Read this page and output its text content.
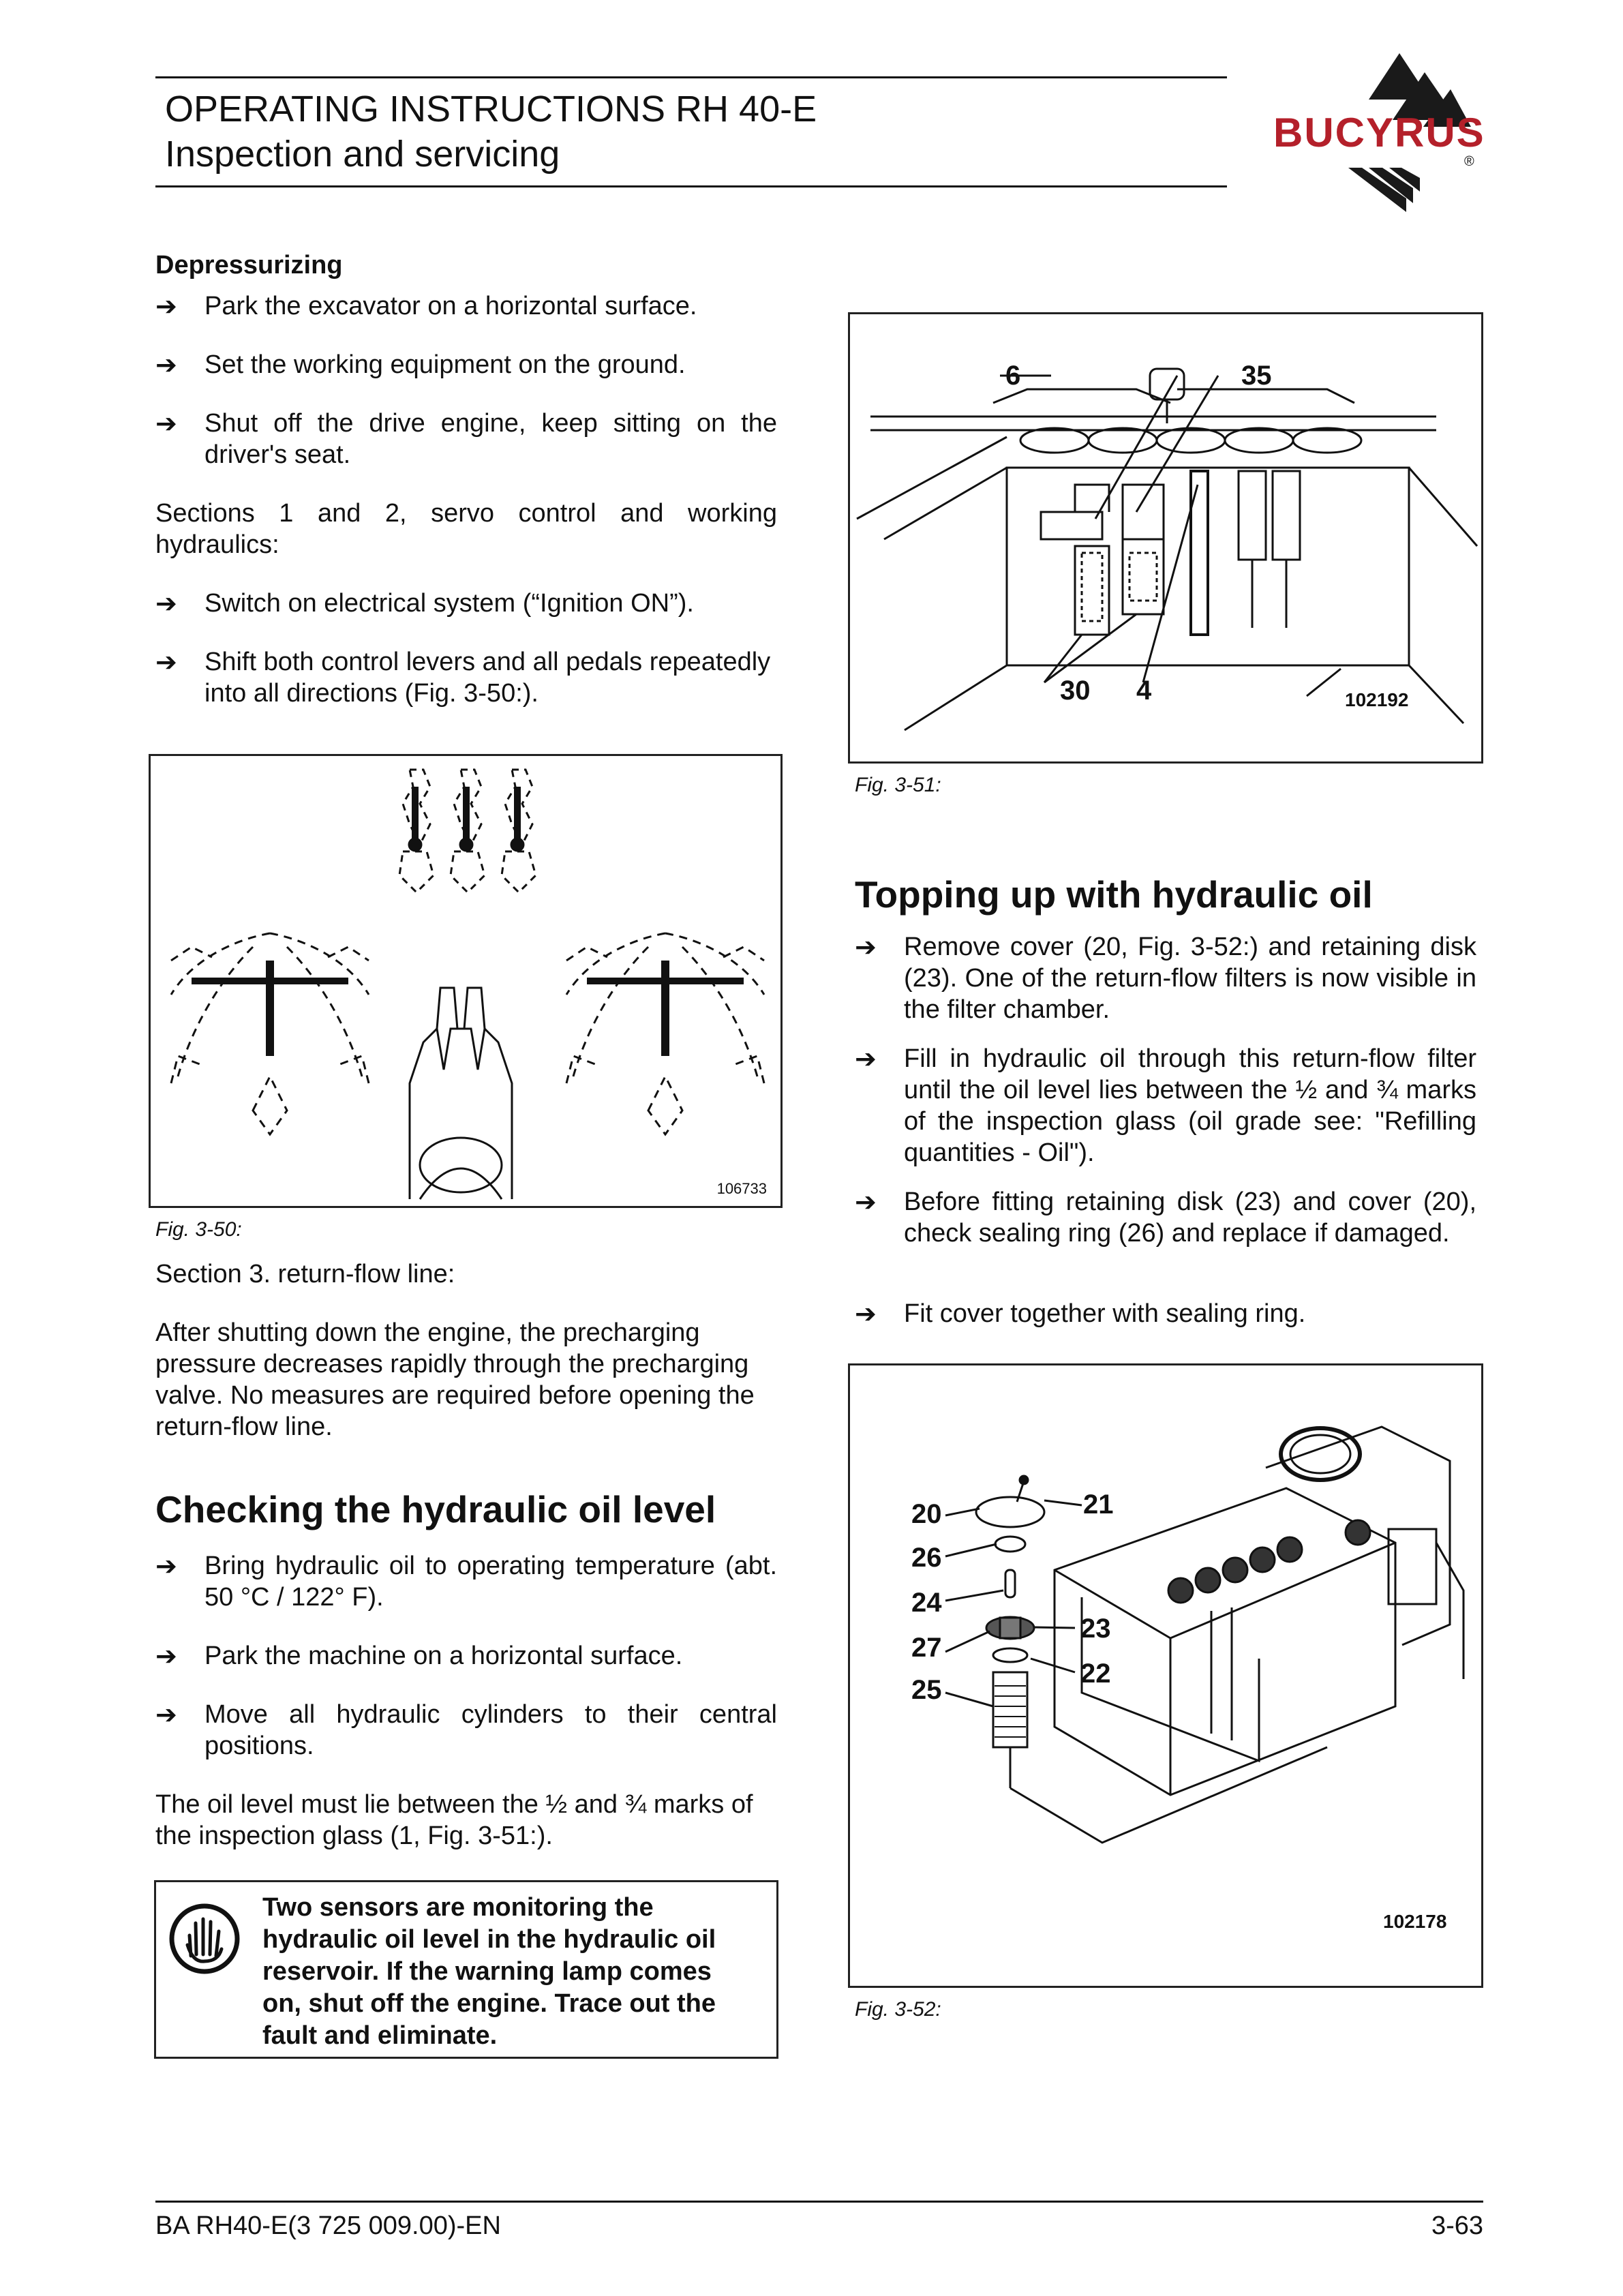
OPERATING INSTRUCTIONS RH 40-E
Inspection and servicing	BUCYRUS
®
Depressurizing
➔	Park the excavator on a horizontal surface.
➔	Set the working equipment on the ground.
➔	Shut off the drive engine, keep sitting on the driver's seat.
Sections 1 and 2, servo control and working hydraulics:
➔	Switch on electrical system (“Ignition ON”).
➔	Shift both control levers and all pedals repeatedly into all directions (Fig. 3-50:).
106733
Fig. 3-50:
Section 3. return-flow line:
After shutting down the engine, the precharging pressure decreases rapidly through the precharging valve. No measures are required before opening the return-flow line.
Checking the hydraulic oil level
➔	Bring hydraulic oil to operating temperature (abt. 50 °C / 122° F).
➔	Park the machine on a horizontal surface.
➔	Move all hydraulic cylinders to their central positions.
The oil level must lie between the ½ and ¾ marks of the inspection glass (1, Fig. 3-51:).
Two sensors are monitoring the hydraulic oil level in the hydraulic oil reservoir. If the warning lamp comes on, shut off the engine. Trace out the fault and eliminate.
6	35
30 4	102192
Fig. 3-51:
Topping up with hydraulic oil
➔	Remove cover (20, Fig. 3-52:) and retaining disk (23). One of the return-flow filters is now visible in the filter chamber.
➔	Fill in hydraulic oil through this return-flow filter until the oil level lies between the ½ and ¾ marks of the inspection glass (oil grade see: "Refilling quantities - Oil").
➔	Before fitting retaining disk (23) and cover (20), check sealing ring (26) and replace if damaged.
➔	Fit cover together with sealing ring.
20	21
26
24
23
27
22
25
102178
Fig. 3-52:
BA RH40-E(3 725 009.00)-EN	3-63
